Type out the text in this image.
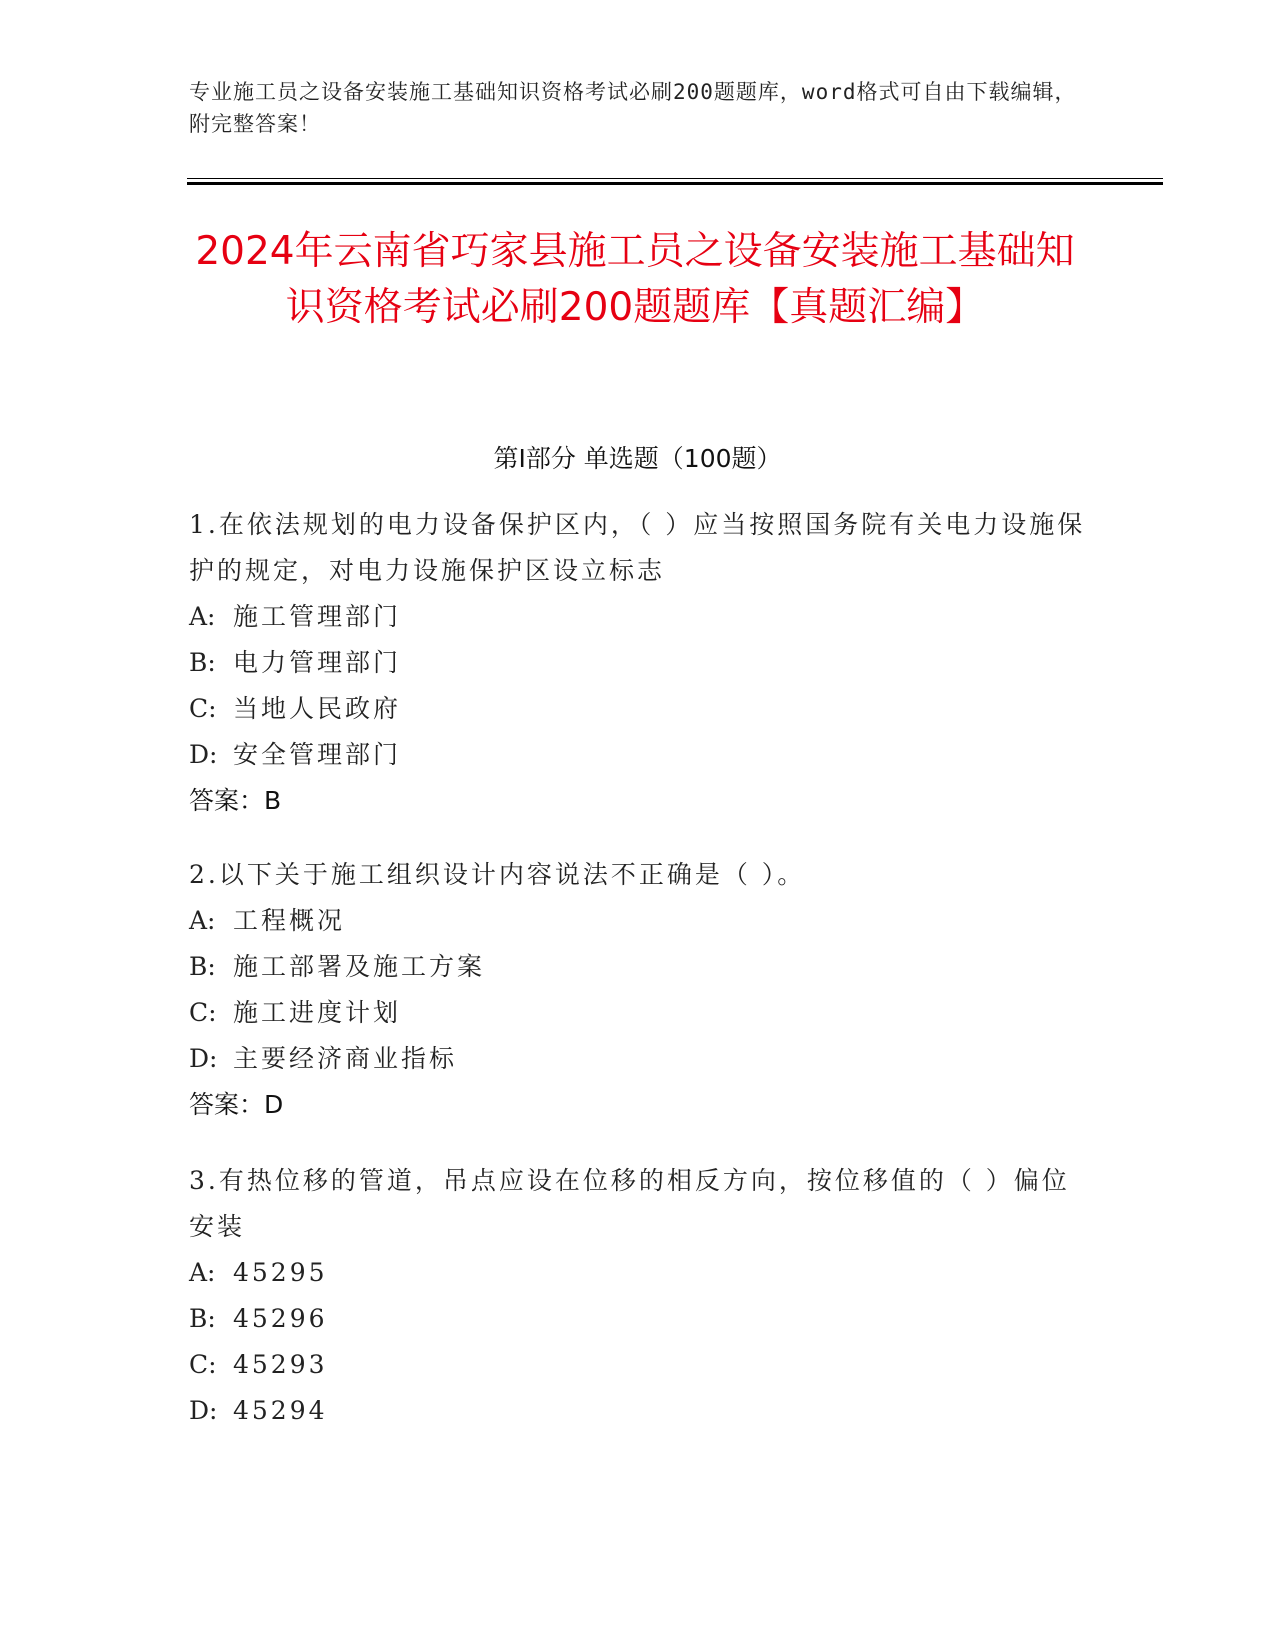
专业施工员之设备安装施工基础知识资格考试必刷200题题库，word格式可自由下载编辑，附完整答案！
2024年云南省巧家县施工员之设备安装施工基础知识资格考试必刷200题题库【真题汇编】
第I部分 单选题（100题）

1.在依法规划的电力设备保护区内，（ ）应当按照国务院有关电力设施保护的规定，对电力设施保护区设立标志

A: 施工管理部门
B: 电力管理部门
C: 当地人民政府
D: 安全管理部门
答案：B

2.以下关于施工组织设计内容说法不正确是（ ）。

A: 工程概况
B: 施工部署及施工方案
C: 施工进度计划
D: 主要经济商业指标
答案：D

3.有热位移的管道，吊点应设在位移的相反方向，按位移值的（ ）偏位安装

A: 45295
B: 45296
C: 45293
D: 45294
